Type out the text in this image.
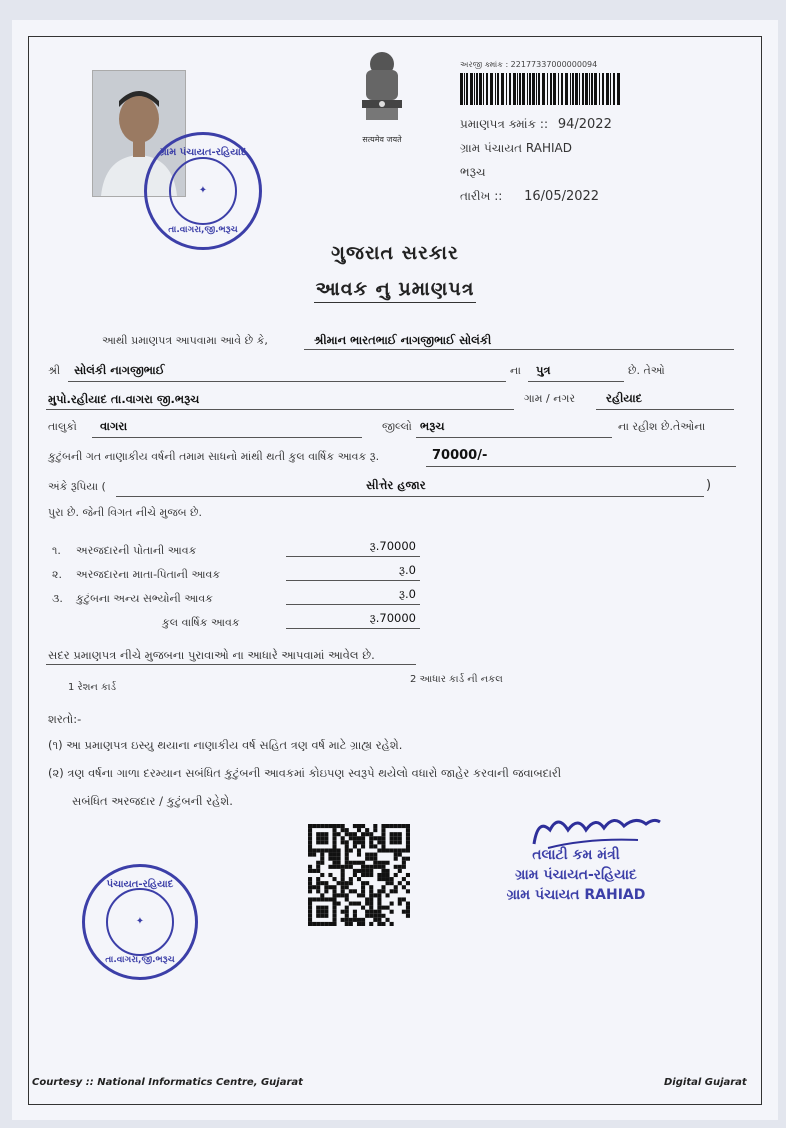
ગ્રામ પંચાયત-રહિયાદ
✦
તા.વાગરા,જી.ભરૂચ
सत्यमेव जयते
અરજી ક્માંક : 22177337000000094
પ્રમાણપત્ર ક્માંક :: 94/2022
ગ્રામ પંચાયત RAHIAD
ભરૂચ
તારીખ :: 16/05/2022
ગુજરાત સરકાર
આવક નુ પ્રમાણપત્ર
આથી પ્રમાણપત્ર આપવામા આવે છે કે,	શ્રીમાન ભારતભાઈ નાગજીભાઈ સોલંકી
શ્રી સોલંકી નાગજીભાઈ	ના પુત્ર	છે. તેઓ
મુપો.રહીયાદ તા.વાગરા જી.ભરૂચ	ગામ / નગર	રહીયાદ
તાલુકો વાગરા	જીલ્લો ભરૂચ	ના રહીશ છે.તેઓના
કુટુંબની ગત નાણાકીય વર્ષની તમામ સાધનો માંથી થતી કુલ વાર્ષિક આવક રૂ.	70000/-
અંકે રૂપિયા (	સીત્તેર હજાર	)
પુરા છે. જેની વિગત નીચે મુજબ છે.
૧. અરજદારની પોતાની આવક	રૂ.70000
૨. અરજદારના માતા-પિતાની આવક	રૂ.0
૩. કુટુંબના અન્ય સભ્યોની આવક	રૂ.0
કુલ વાર્ષિક આવક	રૂ.70000
સદર પ્રમાણપત્ર નીચે મુજબના પુરાવાઓ ના આધારે આપવામાં આવેલ છે.
1 રેશન કાર્ડ
2 આધાર કાર્ડ ની નકલ
શરતો:-
(૧) આ પ્રમાણપત્ર ઇસ્યુ થયાના નાણાકીય વર્ષ સહિત ત્રણ વર્ષ માટે ગ્રાહ્ય રહેશે.
(૨) ત્રણ વર્ષના ગાળા દરમ્યાન સબંધિત કુટુંબની આવકમાં કોઇપણ સ્વરૂપે થયેલો વધારો જાહેર કરવાની જવાબદારી
સબંધિત અરજદાર / કુટુંબની રહેશે.
તલાટી કમ મંત્રી
ગ્રામ પંચાયત-રહિયાદ
ગ્રામ પંચાયત RAHIAD
પંચાયત-રહિયાદ
✦
તા.વાગરા,જી.ભરૂચ
Courtesy :: National Informatics Centre, Gujarat	Digital Gujarat
